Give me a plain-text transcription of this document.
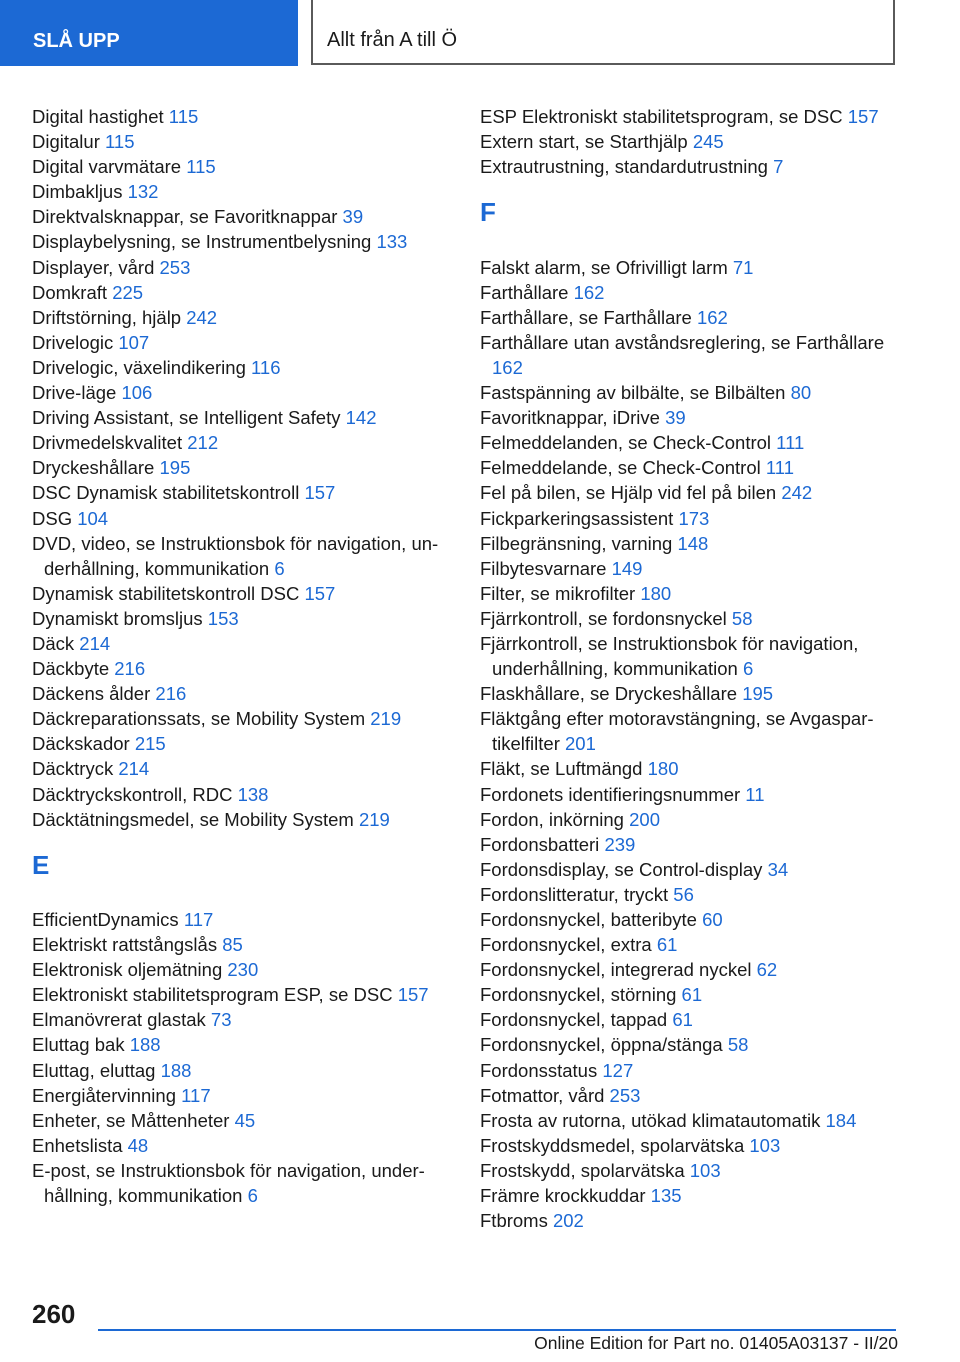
SLÅ UPP	Allt från A till Ö
Digital hastighet 115
Digitalur 115
Digital varvmätare 115
Dimbakljus 132
Direktvalsknappar, se Favoritknappar 39
Displaybelysning, se Instrumentbelysning 133
Displayer, vård 253
Domkraft 225
Driftstörning, hjälp 242
Drivelogic 107
Drivelogic, växelindikering 116
Drive-läge 106
Driving Assistant, se Intelligent Safety 142
Drivmedelskvalitet 212
Dryckeshållare 195
DSC Dynamisk stabilitetskontroll 157
DSG 104
DVD, video, se Instruktionsbok för navigation, underhållning, kommunikation 6
Dynamisk stabilitetskontroll DSC 157
Dynamiskt bromsljus 153
Däck 214
Däckbyte 216
Däckens ålder 216
Däckreparationssats, se Mobility System 219
Däckskador 215
Däcktryck 214
Däcktryckskontroll, RDC 138
Däcktätningsmedel, se Mobility System 219
E
EfficientDynamics 117
Elektriskt rattstångslås 85
Elektronisk oljemätning 230
Elektroniskt stabilitetsprogram ESP, se DSC 157
Elmanövrerat glastak 73
Eluttag bak 188
Eluttag, eluttag 188
Energiåtervinning 117
Enheter, se Måttenheter 45
Enhetslista 48
E-post, se Instruktionsbok för navigation, underhållning, kommunikation 6
ESP Elektroniskt stabilitetsprogram, se DSC 157
Extern start, se Starthjälp 245
Extrautrustning, standardutrustning 7
F
Falskt alarm, se Ofrivilligt larm 71
Farthållare 162
Farthållare, se Farthållare 162
Farthållare utan avståndsreglering, se Farthållare 162
Fastspänning av bilbälte, se Bilbälten 80
Favoritknappar, iDrive 39
Felmeddelanden, se Check-Control 111
Felmeddelande, se Check-Control 111
Fel på bilen, se Hjälp vid fel på bilen 242
Fickparkeringsassistent 173
Filbegränsning, varning 148
Filbytesvarnare 149
Filter, se mikrofilter 180
Fjärrkontroll, se fordonsnyckel 58
Fjärrkontroll, se Instruktionsbok för navigation, underhållning, kommunikation 6
Flaskhållare, se Dryckeshållare 195
Fläktgång efter motoravstängning, se Avgaspartikelfilter 201
Fläkt, se Luftmängd 180
Fordonets identifieringsnummer 11
Fordon, inkörning 200
Fordonsbatteri 239
Fordonsdisplay, se Control-display 34
Fordonslitteratur, tryckt 56
Fordonsnyckel, batteribyte 60
Fordonsnyckel, extra 61
Fordonsnyckel, integrerad nyckel 62
Fordonsnyckel, störning 61
Fordonsnyckel, tappad 61
Fordonsnyckel, öppna/stänga 58
Fordonsstatus 127
Fotmattor, vård 253
Frosta av rutorna, utökad klimatautomatik 184
Frostskyddsmedel, spolarvätska 103
Frostskydd, spolarvätska 103
Främre krockkuddar 135
Ftbroms 202
260
Online Edition for Part no. 01405A03137 - II/20
